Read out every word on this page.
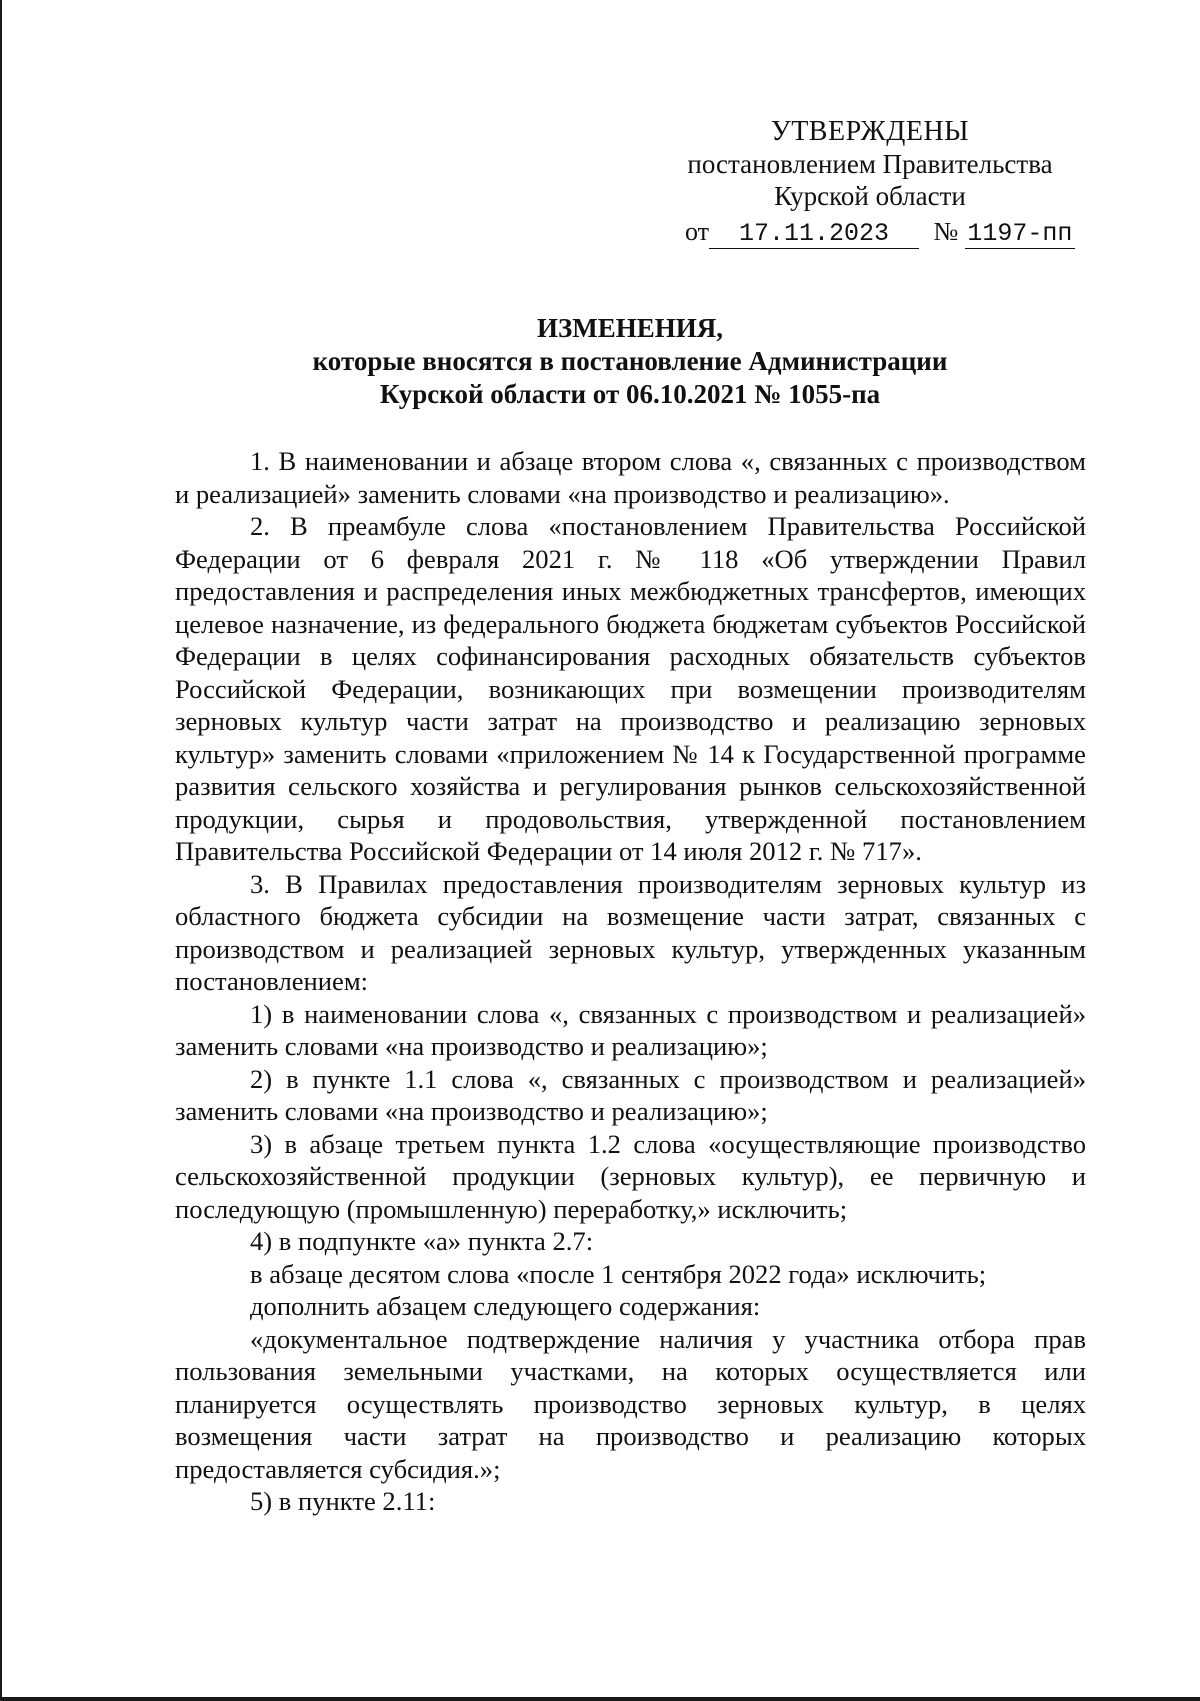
УТВЕРЖДЕНЫ
постановлением Правительства
Курской области
от 17.11.2023 № 1197-пп
ИЗМЕНЕНИЯ,
которые вносятся в постановление Администрации
Курской области от 06.10.2021 № 1055-па

1. В наименовании и абзаце втором слова «, связанных с производством и реализацией» заменить словами «на производство и реализацию».

2. В преамбуле слова «постановлением Правительства Российской Федерации от 6 февраля 2021 г. № 118 «Об утверждении Правил предоставления и распределения иных межбюджетных трансфертов, имеющих целевое назначение, из федерального бюджета бюджетам субъектов Российской Федерации в целях софинансирования расходных обязательств субъектов Российской Федерации, возникающих при возмещении производителям зерновых культур части затрат на производство и реализацию зерновых культур» заменить словами «приложением № 14 к Государственной программе развития сельского хозяйства и регулирования рынков сельскохозяйственной продукции, сырья и продовольствия, утвержденной постановлением Правительства Российской Федерации от 14 июля 2012 г. № 717».

3. В Правилах предоставления производителям зерновых культур из областного бюджета субсидии на возмещение части затрат, связанных с производством и реализацией зерновых культур, утвержденных указанным постановлением:

1) в наименовании слова «, связанных с производством и реализацией» заменить словами «на производство и реализацию»;

2) в пункте 1.1 слова «, связанных с производством и реализацией» заменить словами «на производство и реализацию»;

3) в абзаце третьем пункта 1.2 слова «осуществляющие производство сельскохозяйственной продукции (зерновых культур), ее первичную и последующую (промышленную) переработку,» исключить;

4) в подпункте «а» пункта 2.7:

в абзаце десятом слова «после 1 сентября 2022 года» исключить;

дополнить абзацем следующего содержания:

«документальное подтверждение наличия у участника отбора прав пользования земельными участками, на которых осуществляется или планируется осуществлять производство зерновых культур, в целях возмещения части затрат на производство и реализацию которых предоставляется субсидия.»;

5) в пункте 2.11:
